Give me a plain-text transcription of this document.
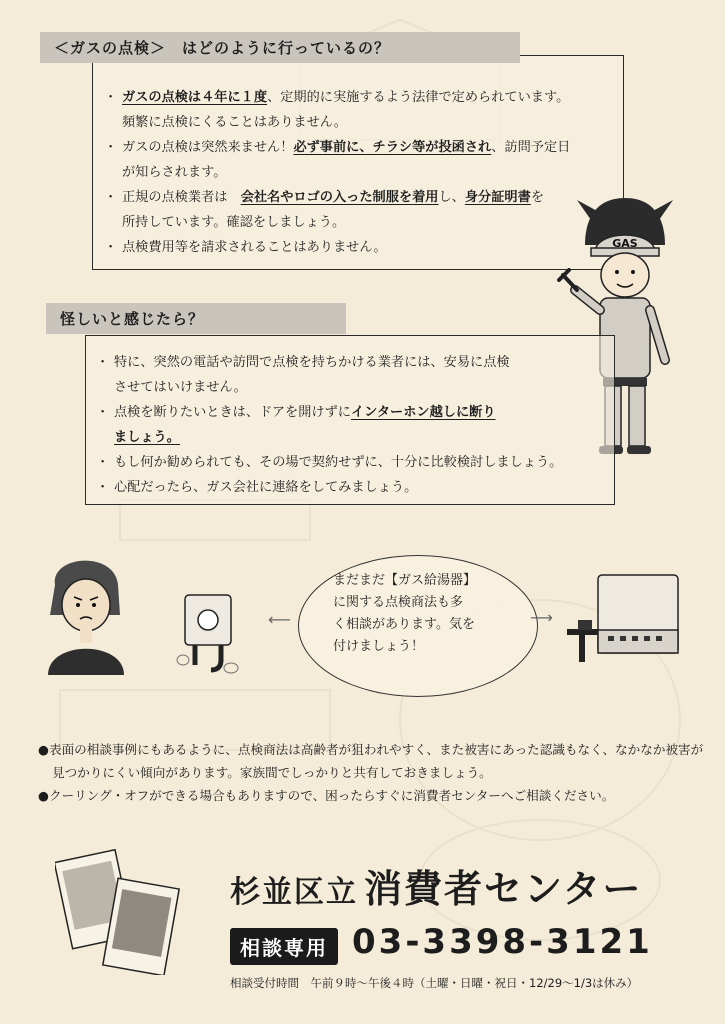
＜ガスの点検＞　はどのように行っているの？
・ ガスの点検は４年に１度、定期的に実施するよう法律で定められています。
頻繁に点検にくることはありません。
・ ガスの点検は突然来ません！必ず事前に、チラシ等が投函され、訪問予定日
が知らされます。
・ 正規の点検業者は　会社名やロゴの入った制服を着用し、身分証明書を
所持しています。確認をしましょう。
・ 点検費用等を請求されることはありません。	GAS
怪しいと感じたら？
・ 特に、突然の電話や訪問で点検を持ちかける業者には、安易に点検
させてはいけません。
・ 点検を断りたいときは、ドアを開けずにインターホン越しに断り
ましょう。
・ もし何か勧められても、その場で契約せずに、十分に比較検討しましょう。
・ 心配だったら、ガス会社に連絡をしてみましょう。
⟵
まだまだ【ガス給湯器】
に関する点検商法も多
く相談があります。気を
付けましょう！
⟶

●表面の相談事例にもあるように、点検商法は高齢者が狙われやすく、また被害にあった認識もなく、なかなか被害が見つかりにくい傾向があります。家族間でしっかりと共有しておきましょう。

●クーリング・オフができる場合もありますので、困ったらすぐに消費者センターへご相談ください。

杉並区立 消費者センター
相談専用 03-3398-3121
相談受付時間　午前９時～午後４時（土曜・日曜・祝日・12/29～1/3は休み）
